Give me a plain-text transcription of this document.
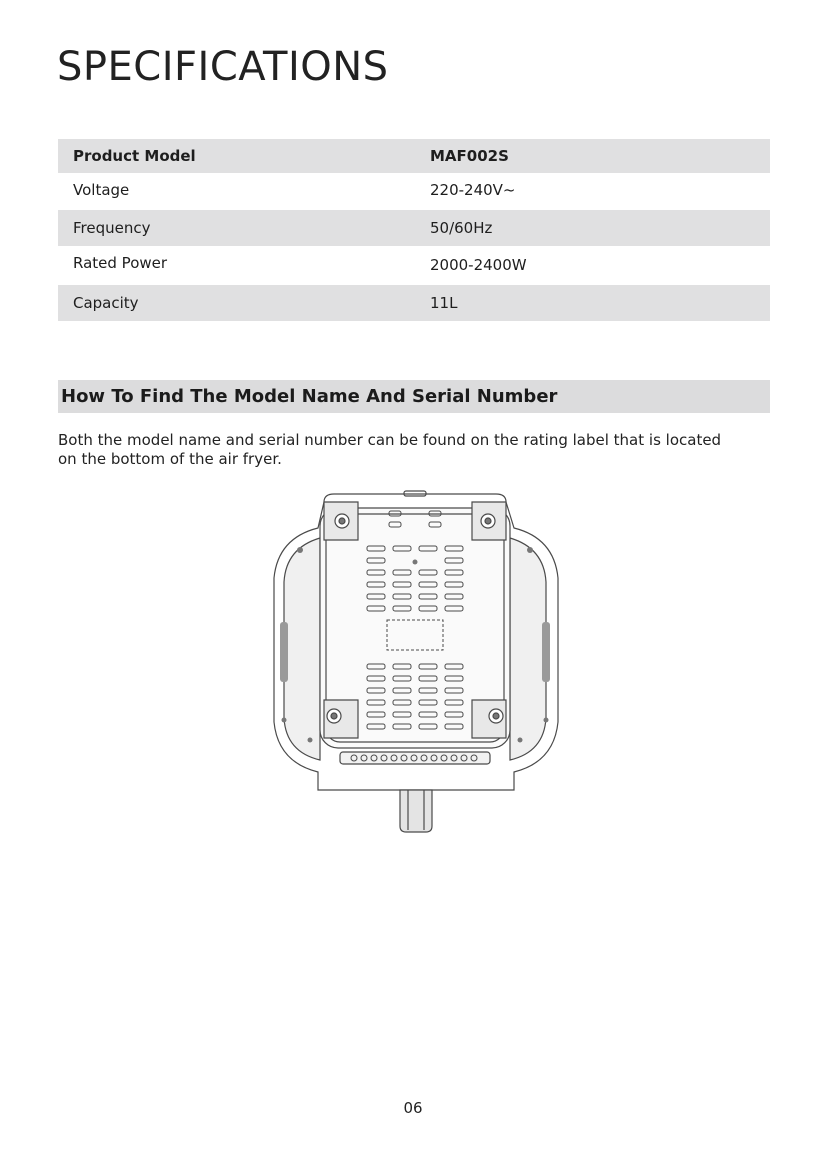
SPECIFICATIONS
Product Model	MAF002S
Voltage	220-240V~
Frequency	50/60Hz
Rated Power	2000-2400W
Capacity	11L
How To Find The Model Name And Serial Number
Both the model name and serial number can be found on the rating label that is located
on the bottom of the air fryer.
06
